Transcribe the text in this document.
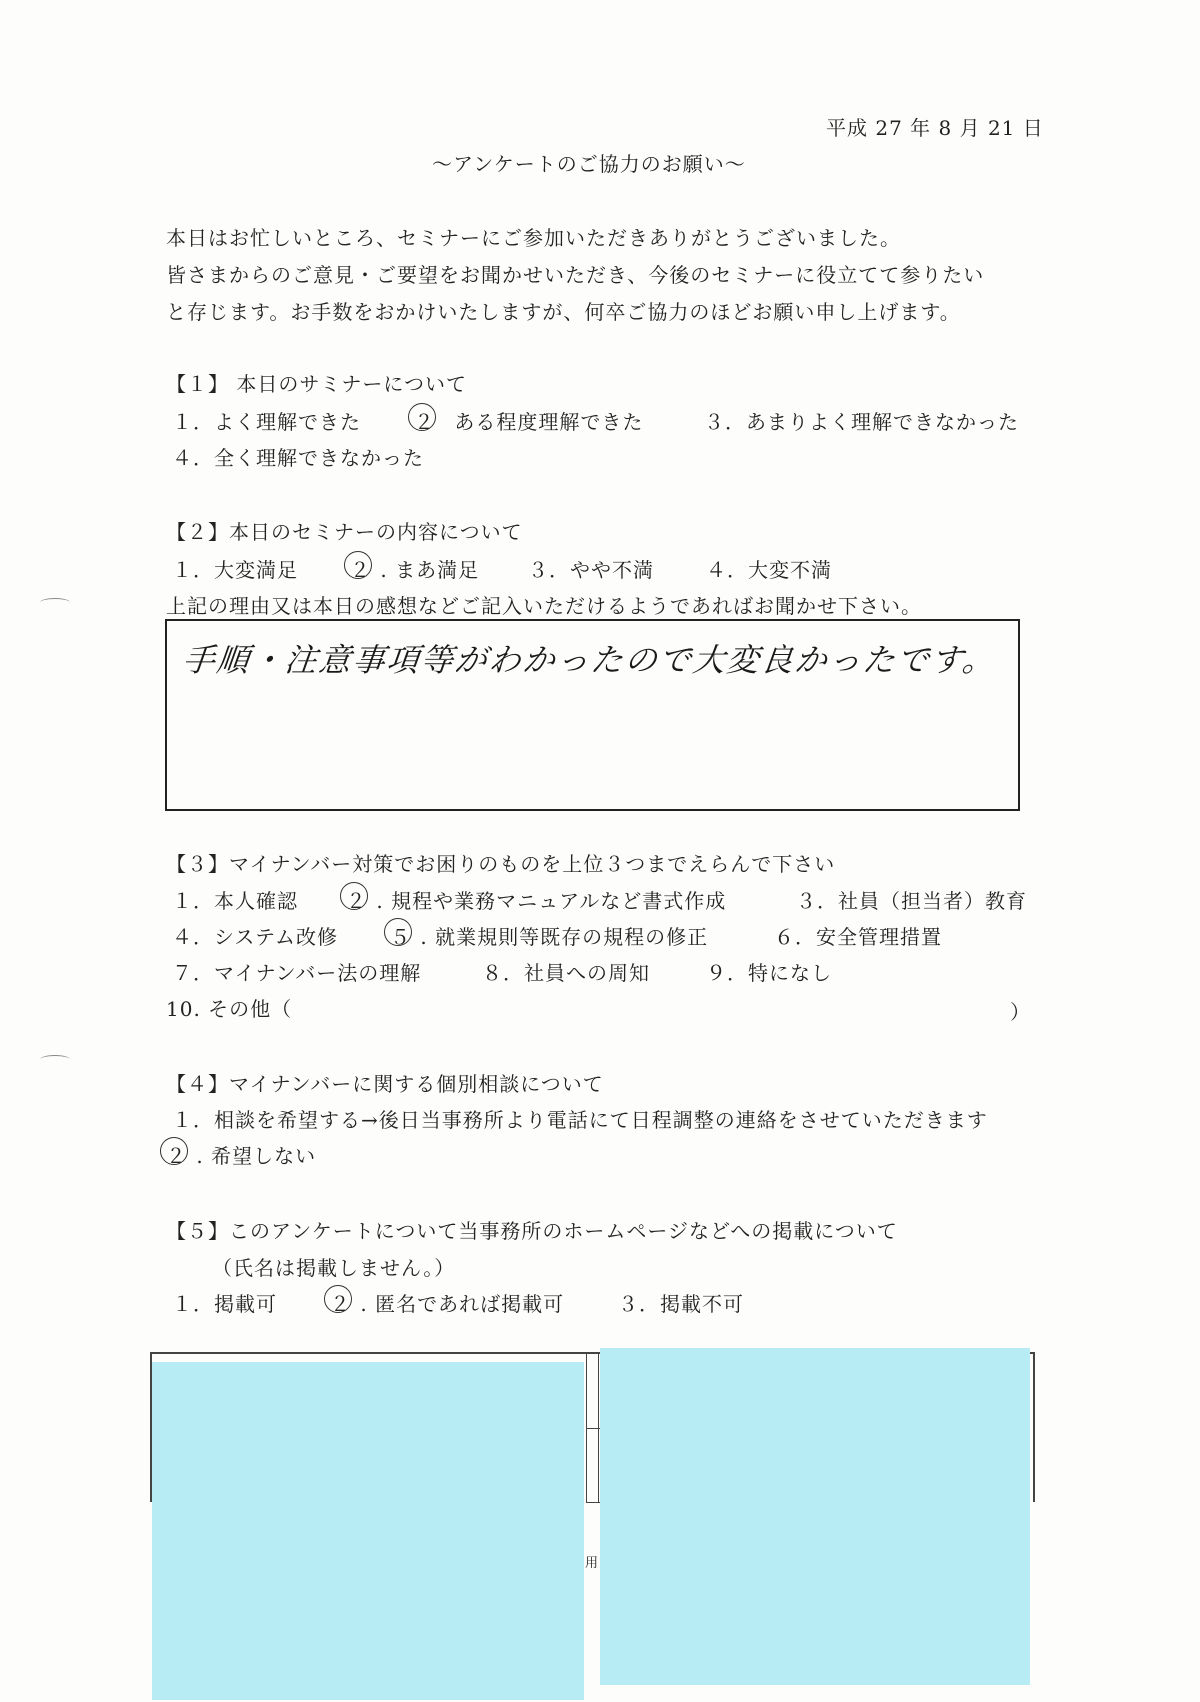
平成 27 年 8 月 21 日
～アンケートのご協力のお願い～
本日はお忙しいところ、セミナーにご参加いただきありがとうございました。
皆さまからのご意見・ご要望をお聞かせいただき、今後のセミナーに役立てて参りたい
と存じます。お手数をおかけいたしますが、何卒ご協力のほどお願い申し上げます。
【１】 本日のサミナーについて
１．よく理解できた	２ ある程度理解できた	３．あまりよく理解できなかった
４．全く理解できなかった
【２】本日のセミナーの内容について
１．大変満足	２ . まあ満足 ３．やや不満	４．大変不満
上記の理由又は本日の感想などご記入いただけるようであればお聞かせ下さい。
手順・注意事項等がわかったので大変良かったです。
【３】マイナンバー対策でお困りのものを上位３つまでえらんで下さい
１．本人確認 ２ . 規程や業務マニュアルなど書式作成	３．社員（担当者）教育
４．システム改修	５ . 就業規則等既存の規程の修正	６．安全管理措置
７．マイナンバー法の理解	８．社員への周知	９．特になし
10. その他（	）
【４】マイナンバーに関する個別相談について
１．相談を希望する→後日当事務所より電話にて日程調整の連絡をさせていただきます
２ . 希望しない
【５】このアンケートについて当事務所のホームページなどへの掲載について
（氏名は掲載しません。）
１．掲載可	２ . 匿名であれば掲載可	３．掲載不可
用
